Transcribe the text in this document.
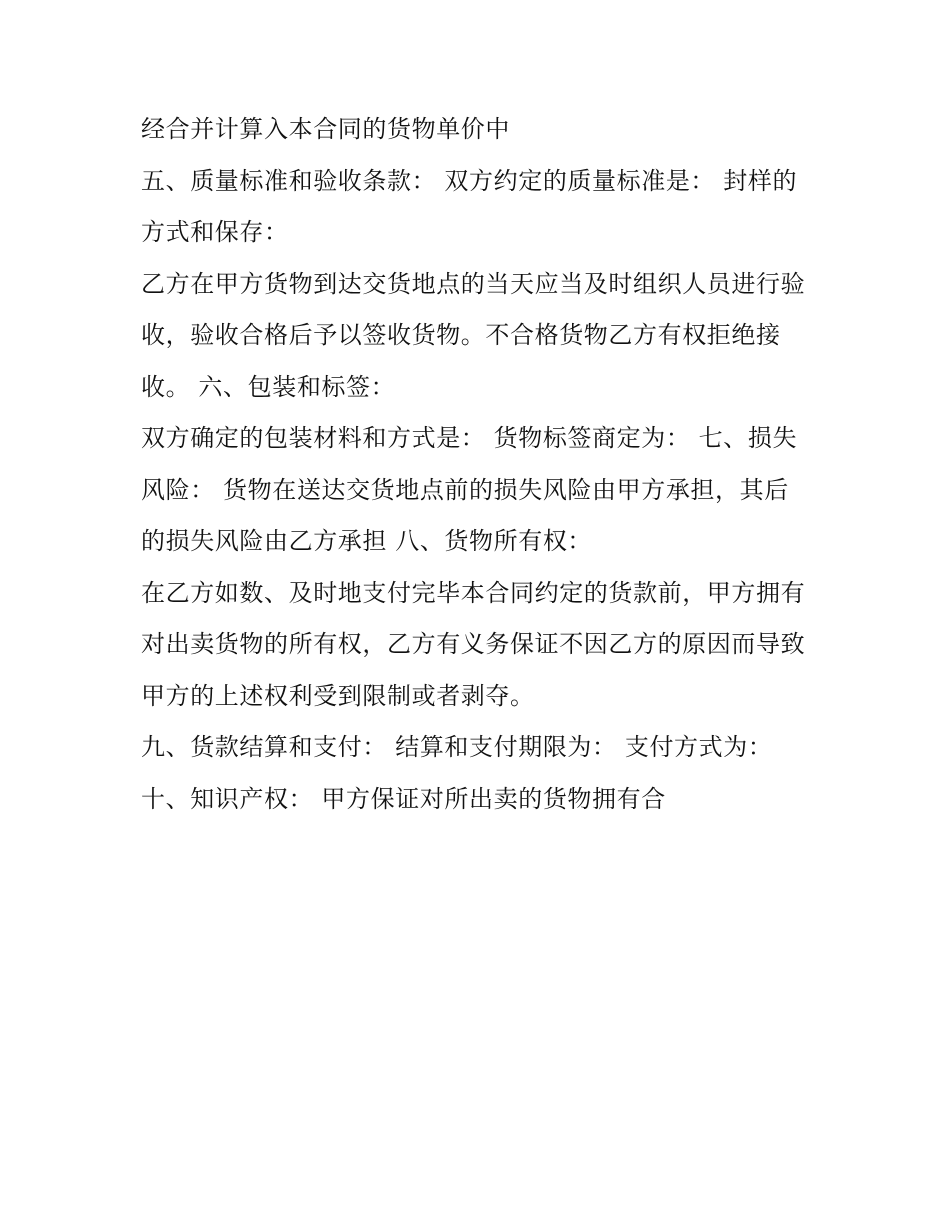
经合并计算入本合同的货物单价中
五、质量标准和验收条款： 双方约定的质量标准是： 封样的
方式和保存：
乙方在甲方货物到达交货地点的当天应当及时组织人员进行验
收，验收合格后予以签收货物。不合格货物乙方有权拒绝接
收。 六、包装和标签：
双方确定的包装材料和方式是： 货物标签商定为： 七、损失
风险： 货物在送达交货地点前的损失风险由甲方承担，其后
的损失风险由乙方承担 八、货物所有权：
在乙方如数、及时地支付完毕本合同约定的货款前，甲方拥有
对出卖货物的所有权，乙方有义务保证不因乙方的原因而导致
甲方的上述权利受到限制或者剥夺。
九、货款结算和支付： 结算和支付期限为： 支付方式为：
十、知识产权： 甲方保证对所出卖的货物拥有合
